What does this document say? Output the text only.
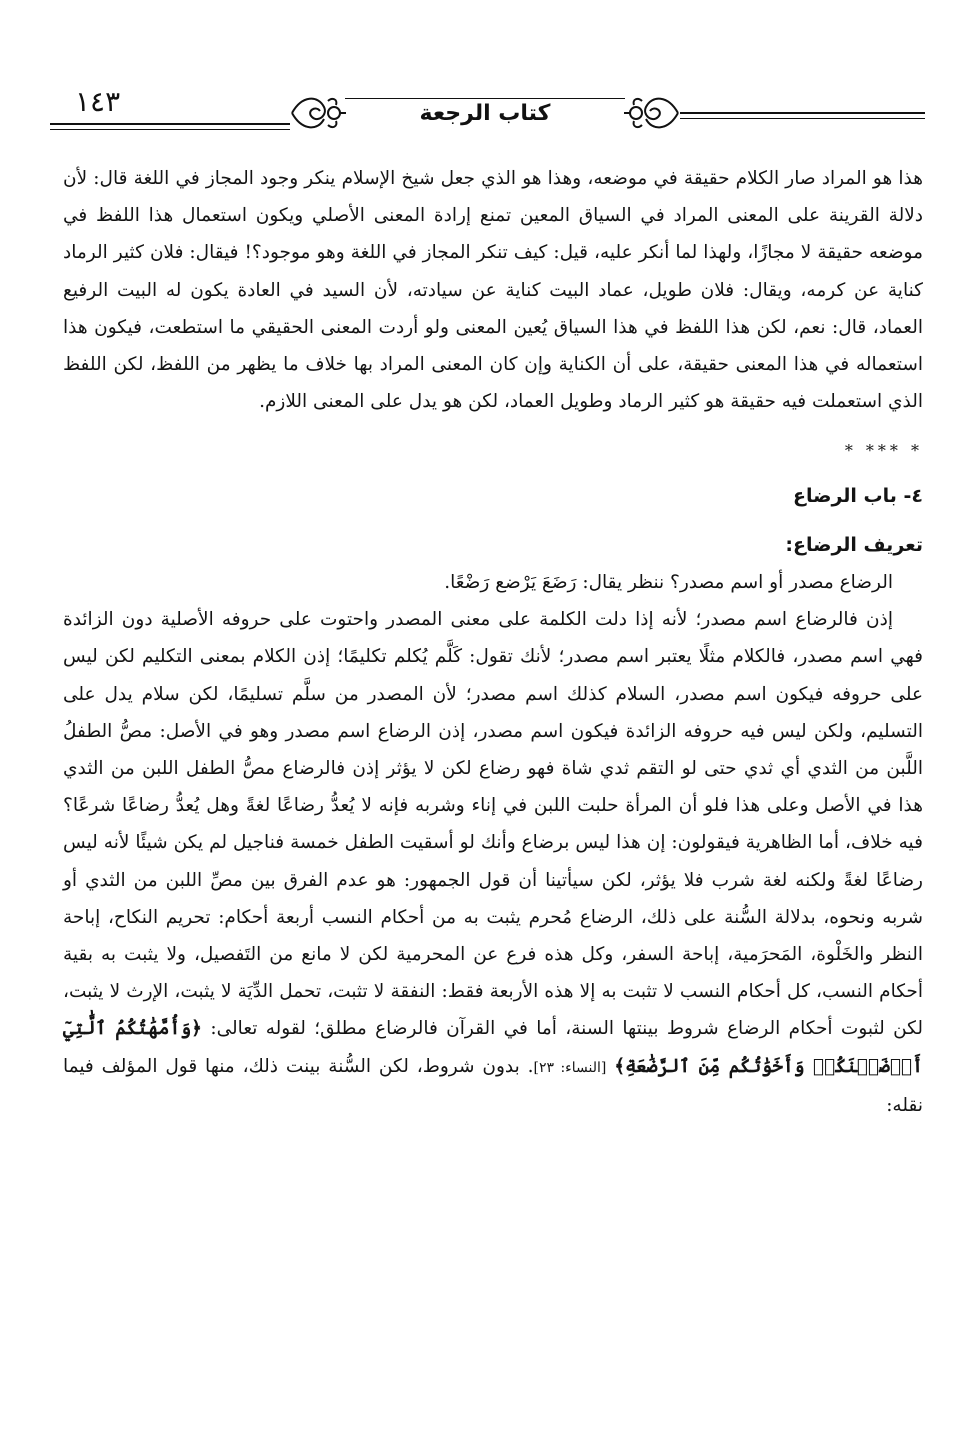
١٤٣	كتاب الرجعة

هذا هو المراد صار الكلام حقيقة في موضعه، وهذا هو الذي جعل شيخ الإسلام ينكر وجود المجاز في اللغة قال: لأن دلالة القرينة على المعنى المراد في السياق المعين تمنع إرادة المعنى الأصلي ويكون استعمال هذا اللفظ في موضعه حقيقة لا مجازًا، ولهذا لما أنكر عليه، قيل: كيف تنكر المجاز في اللغة وهو موجود؟! فيقال: فلان كثير الرماد كناية عن كرمه، ويقال: فلان طويل، عماد البيت كناية عن سيادته، لأن السيد في العادة يكون له البيت الرفيع العماد، قال: نعم، لكن هذا اللفظ في هذا السياق يُعين المعنى ولو أردت المعنى الحقيقي ما استطعت، فيكون هذا استعماله في هذا المعنى حقيقة، على أن الكناية وإن كان المعنى المراد بها خلاف ما يظهر من اللفظ، لكن اللفظ الذي استعملت فيه حقيقة هو كثير الرماد وطويل العماد، لكن هو يدل على المعنى اللازم.

* *** *
٤- باب الرضاع

تعريف الرضاع:

الرضاع مصدر أو اسم مصدر؟ ننظر يقال: رَضَعَ يَرْضع رَضْعًا.

إذن فالرضاع اسم مصدر؛ لأنه إذا دلت الكلمة على معنى المصدر واحتوت على حروفه الأصلية دون الزائدة فهي اسم مصدر، فالكلام مثلًا يعتبر اسم مصدر؛ لأنك تقول: كَلَّم يُكلم تكليمًا؛ إذن الكلام بمعنى التكليم لكن ليس على حروفه فيكون اسم مصدر، السلام كذلك اسم مصدر؛ لأن المصدر من سلَّم تسليمًا، لكن سلام يدل على التسليم، ولكن ليس فيه حروفه الزائدة فيكون اسم مصدر، إذن الرضاع اسم مصدر وهو في الأصل: مصُّ الطفلُ اللَّبن من الثدي أي ثدي حتى لو التقم ثدي شاة فهو رضاع لكن لا يؤثر إذن فالرضاع مصُّ الطفل اللبن من الثدي هذا في الأصل وعلى هذا فلو أن المرأة حلبت اللبن في إناء وشربه فإنه لا يُعدُّ رضاعًا لغةً وهل يُعدُّ رضاعًا شرعًا؟ فيه خلاف، أما الظاهرية فيقولون: إن هذا ليس برضاع وأنك لو أسقيت الطفل خمسة فناجيل لم يكن شيئًا لأنه ليس رضاعًا لغةً ولكنه لغة شرب فلا يؤثر، لكن سيأتينا أن قول الجمهور: هو عدم الفرق بين مصِّ اللبن من الثدي أو شربه ونحوه، بدلالة السُّنة على ذلك، الرضاع مُحرم يثبت به من أحكام النسب أربعة أحكام: تحريم النكاح، إباحة النظر والخَلْوة، المَحرَمية، إباحة السفر، وكل هذه فرع عن المحرمية لكن لا مانع من التَفصيل، ولا يثبت به بقية أحكام النسب، كل أحكام النسب لا تثبت به إلا هذه الأربعة فقط: النفقة لا تثبت، تحمل الدِّيَة لا يثبت، الإرث لا يثبت، لكن لثبوت أحكام الرضاع شروط بينتها السنة، أما في القرآن فالرضاع مطلق؛ لقوله تعالى: ﴿وَأُمَّهَٰتُكُمُ ٱلَّٰتِيٓ أَرۡضَعۡنَكُمۡ وَأَخَوَٰتُكُم مِّنَ ٱلرَّضَٰعَةِ﴾ [النساء: ٢٣]. بدون شروط، لكن السُّنة بينت ذلك، منها قول المؤلف فيما نقله:
